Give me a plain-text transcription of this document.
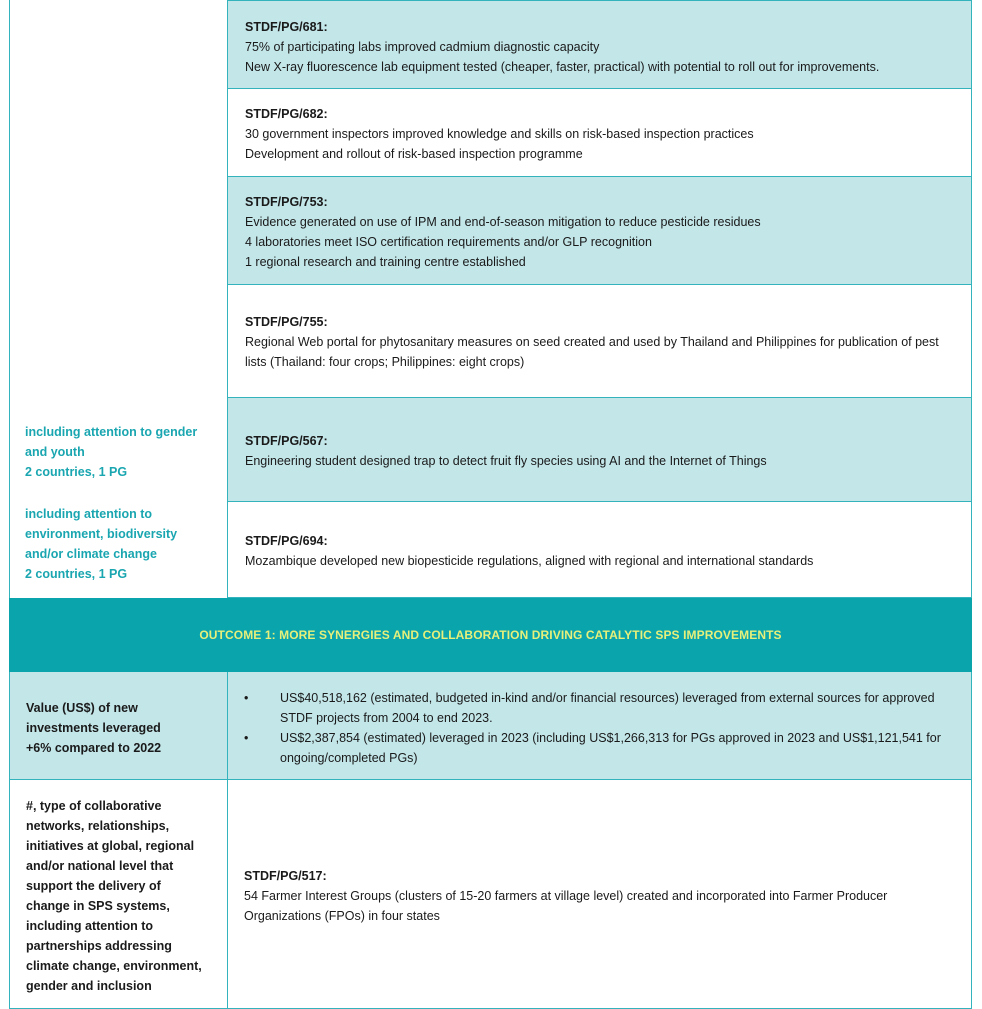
STDF/PG/681:
75% of participating labs improved cadmium diagnostic capacity
New X-ray fluorescence lab equipment tested (cheaper, faster, practical) with potential to roll out for improvements.
STDF/PG/682:
30 government inspectors improved knowledge and skills on risk-based inspection practices
Development and rollout of risk-based inspection programme
STDF/PG/753:
Evidence generated on use of IPM and end-of-season mitigation to reduce pesticide residues
4 laboratories meet ISO certification requirements and/or GLP recognition
1 regional research and training centre established
STDF/PG/755:
Regional Web portal for phytosanitary measures on seed created and used by Thailand and Philippines for publication of pest lists (Thailand: four crops; Philippines: eight crops)
STDF/PG/567:
Engineering student designed trap to detect fruit fly species using AI and the Internet of Things
STDF/PG/694:
Mozambique developed new biopesticide regulations, aligned with regional and international standards
including attention to gender
and youth
2 countries, 1 PG
including attention to
environment, biodiversity
and/or climate change
2 countries, 1 PG
OUTCOME 1: MORE SYNERGIES AND COLLABORATION DRIVING CATALYTIC SPS IMPROVEMENTS
Value (US$) of new
investments leveraged
+6% compared to 2022
• US$40,518,162 (estimated, budgeted in-kind and/or financial resources) leveraged from external sources for approved STDF projects from 2004 to end 2023.
• US$2,387,854 (estimated) leveraged in 2023 (including US$1,266,313 for PGs approved in 2023 and US$1,121,541 for ongoing/completed PGs)
#, type of collaborative
networks, relationships,
initiatives at global, regional
and/or national level that
support the delivery of
change in SPS systems,
including attention to
partnerships addressing
climate change, environment,
gender and inclusion
STDF/PG/517:
54 Farmer Interest Groups (clusters of 15-20 farmers at village level) created and incorporated into Farmer Producer Organizations (FPOs) in four states
